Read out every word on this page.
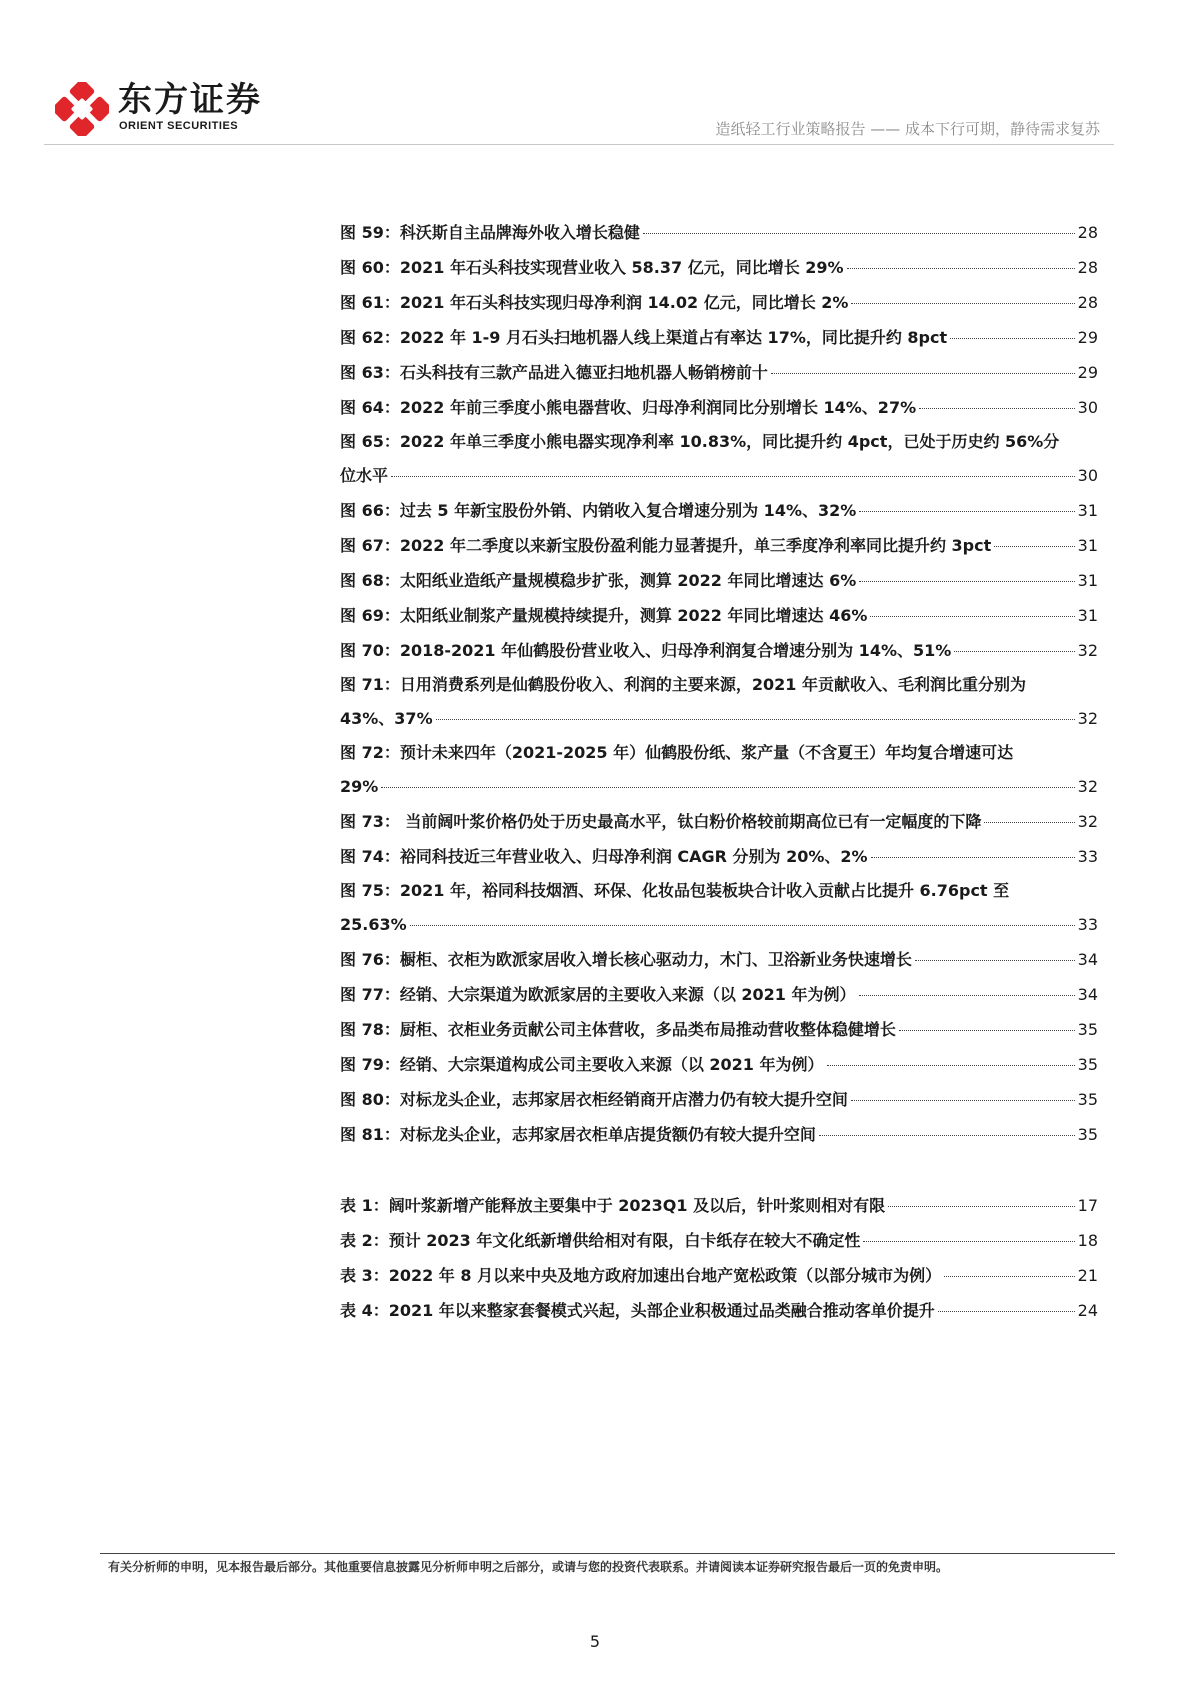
东方证券
ORIENT SECURITIES	造纸轻工行业策略报告 —— 成本下行可期，静待需求复苏
图 59：科沃斯自主品牌海外收入增长稳健	28
图 60：2021 年石头科技实现营业收入 58.37 亿元，同比增长 29%	28
图 61：2021 年石头科技实现归母净利润 14.02 亿元，同比增长 2%	28
图 62：2022 年 1-9 月石头扫地机器人线上渠道占有率达 17%，同比提升约 8pct	29
图 63：石头科技有三款产品进入德亚扫地机器人畅销榜前十	29
图 64：2022 年前三季度小熊电器营收、归母净利润同比分别增长 14%、27%	30
图 65：2022 年单三季度小熊电器实现净利率 10.83%，同比提升约 4pct，已处于历史约 56%分
位水平	30
图 66：过去 5 年新宝股份外销、内销收入复合增速分别为 14%、32%	31
图 67：2022 年二季度以来新宝股份盈利能力显著提升，单三季度净利率同比提升约 3pct	31
图 68：太阳纸业造纸产量规模稳步扩张，测算 2022 年同比增速达 6%	31
图 69：太阳纸业制浆产量规模持续提升，测算 2022 年同比增速达 46%	31
图 70：2018-2021 年仙鹤股份营业收入、归母净利润复合增速分别为 14%、51%	32
图 71：日用消费系列是仙鹤股份收入、利润的主要来源，2021 年贡献收入、毛利润比重分别为
43%、37%	32
图 72：预计未来四年（2021-2025 年）仙鹤股份纸、浆产量（不含夏王）年均复合增速可达
29%	32
图 73： 当前阔叶浆价格仍处于历史最高水平，钛白粉价格较前期高位已有一定幅度的下降	32
图 74：裕同科技近三年营业收入、归母净利润 CAGR 分别为 20%、2%	33
图 75：2021 年，裕同科技烟酒、环保、化妆品包装板块合计收入贡献占比提升 6.76pct 至
25.63%	33
图 76：橱柜、衣柜为欧派家居收入增长核心驱动力，木门、卫浴新业务快速增长	34
图 77：经销、大宗渠道为欧派家居的主要收入来源（以 2021 年为例）	34
图 78：厨柜、衣柜业务贡献公司主体营收，多品类布局推动营收整体稳健增长	35
图 79：经销、大宗渠道构成公司主要收入来源（以 2021 年为例）	35
图 80：对标龙头企业，志邦家居衣柜经销商开店潜力仍有较大提升空间	35
图 81：对标龙头企业，志邦家居衣柜单店提货额仍有较大提升空间	35
表 1：阔叶浆新增产能释放主要集中于 2023Q1 及以后，针叶浆则相对有限	17
表 2：预计 2023 年文化纸新增供给相对有限，白卡纸存在较大不确定性	18
表 3：2022 年 8 月以来中央及地方政府加速出台地产宽松政策（以部分城市为例）	21
表 4：2021 年以来整家套餐模式兴起，头部企业积极通过品类融合推动客单价提升	24
有关分析师的申明，见本报告最后部分。其他重要信息披露见分析师申明之后部分，或请与您的投资代表联系。并请阅读本证券研究报告最后一页的免责申明。
5
